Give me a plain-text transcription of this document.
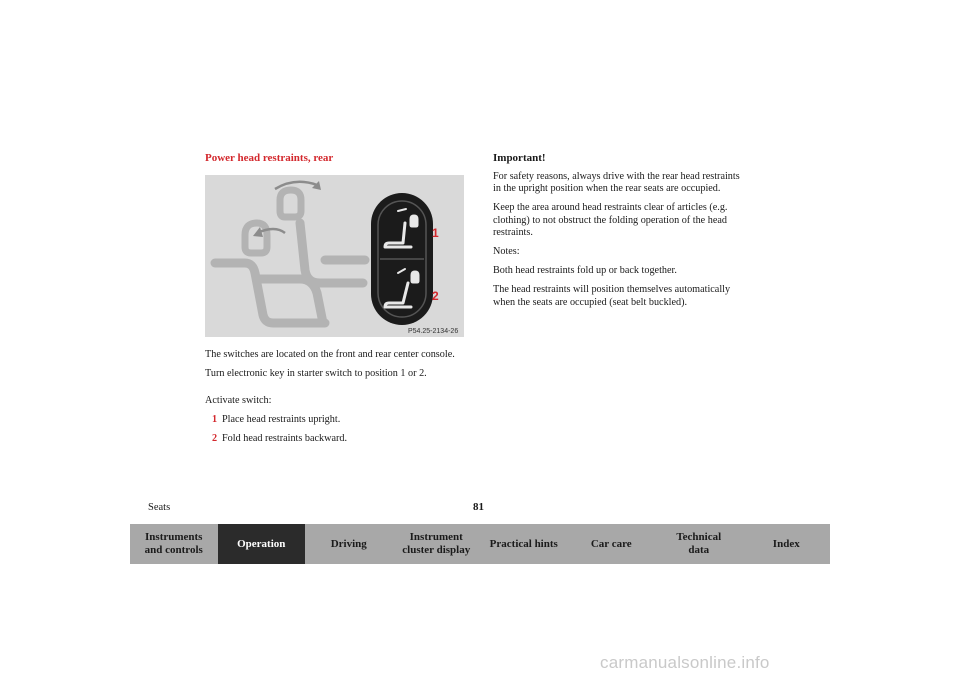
Power head restraints, rear
1
2
P54.25-2134-26

The switches are located on the front and rear center console.

Turn electronic key in starter switch to position 1 or 2.

Activate switch:

1 Place head restraints upright.

2 Fold head restraints backward.

Important!

For safety reasons, always drive with the rear head restraints in the upright position when the rear seats are occupied.

Keep the area around head restraints clear of articles (e.g. clothing) to not obstruct the folding operation of the head restraints.

Notes:

Both head restraints fold up or back together.

The head restraints will position themselves automatically when the seats are occupied (seat belt buckled).

Seats	81
Instruments
and controls
Operation	Driving
Instrument
cluster display
Practical hints	Car care
Technical
data
Index
carmanualsonline.info
